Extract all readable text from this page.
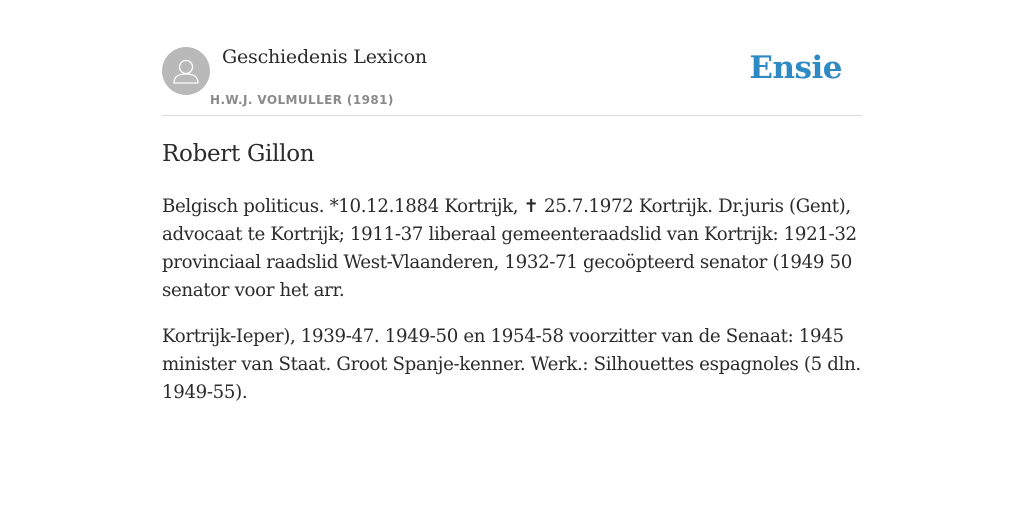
Geschiedenis Lexicon
H.W.J. VOLMULLER (1981)
Ensie
Robert Gillon

Belgisch politicus. *10.12.1884 Kortrijk, ✝ 25.7.1972 Kortrijk. Dr.juris (Gent), advocaat te Kortrijk; 1911-37 liberaal gemeenteraadslid van Kortrijk: 1921-32 provinciaal raadslid West-Vlaanderen, 1932-71 gecoöpteerd senator (1949 50 senator voor het arr.

Kortrijk-Ieper), 1939-47. 1949-50 en 1954-58 voorzitter van de Senaat: 1945 minister van Staat. Groot Spanje-kenner. Werk.: Silhouettes espagnoles (5 dln. 1949-55).
